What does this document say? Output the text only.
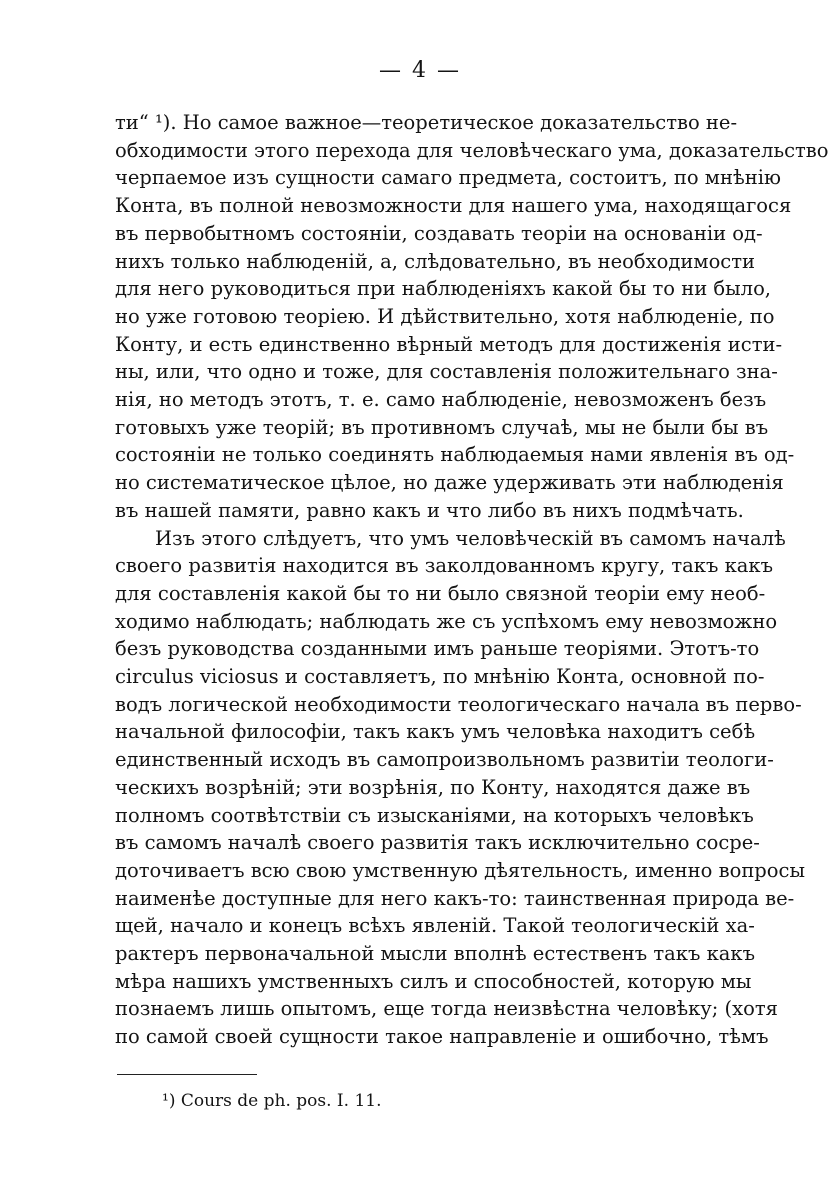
— 4 —
ти“ ¹). Но самое важное—теоретическое доказательство не-
обходимости этого перехода для человѣческаго ума, доказательство
черпаемое изъ сущности самаго предмета, состоитъ, по мнѣнію
Конта, въ полной невозможности для нашего ума, находящагося
въ первобытномъ состояніи, создавать теоріи на основаніи од-
нихъ только наблюденій, а, слѣдовательно, въ необходимости
для него руководиться при наблюденіяхъ какой бы то ни было,
но уже готовою теоріею. И дѣйствительно, хотя наблюденіе, по
Конту, и есть единственно вѣрный методъ для достиженія исти-
ны, или, что одно и тоже, для составленія положительнаго зна-
нія, но методъ этотъ, т. е. само наблюденіе, невозможенъ безъ
готовыхъ уже теорій; въ противномъ случаѣ, мы не были бы въ
состояніи не только соединять наблюдаемыя нами явленія въ од-
но систематическое цѣлое, но даже удерживать эти наблюденія
въ нашей памяти, равно какъ и что либо въ нихъ подмѣчать.
Изъ этого слѣдуетъ, что умъ человѣческій въ самомъ началѣ
своего развитія находится въ заколдованномъ кругу, такъ какъ
для составленія какой бы то ни было связной теоріи ему необ-
ходимо наблюдать; наблюдать же съ успѣхомъ ему невозможно
безъ руководства созданными имъ раньше теоріями. Этотъ-то
circulus viciosus и составляетъ, по мнѣнію Конта, основной по-
водъ логической необходимости теологическаго начала въ перво-
начальной философіи, такъ какъ умъ человѣка находитъ себѣ
единственный исходъ въ самопроизвольномъ развитіи теологи-
ческихъ возрѣній; эти возрѣнія, по Конту, находятся даже въ
полномъ соотвѣтствіи съ изысканіями, на которыхъ человѣкъ
въ самомъ началѣ своего развитія такъ исключительно сосре-
доточиваетъ всю свою умственную дѣятельность, именно вопросы
наименѣе доступные для него какъ-то: таинственная природа ве-
щей, начало и конецъ всѣхъ явленій. Такой теологическій ха-
рактеръ первоначальной мысли вполнѣ естественъ такъ какъ
мѣра нашихъ умственныхъ силъ и способностей, которую мы
познаемъ лишь опытомъ, еще тогда неизвѣстна человѣку; (хотя
по самой своей сущности такое направленіе и ошибочно, тѣмъ
¹) Cours de ph. pos. I. 11.
